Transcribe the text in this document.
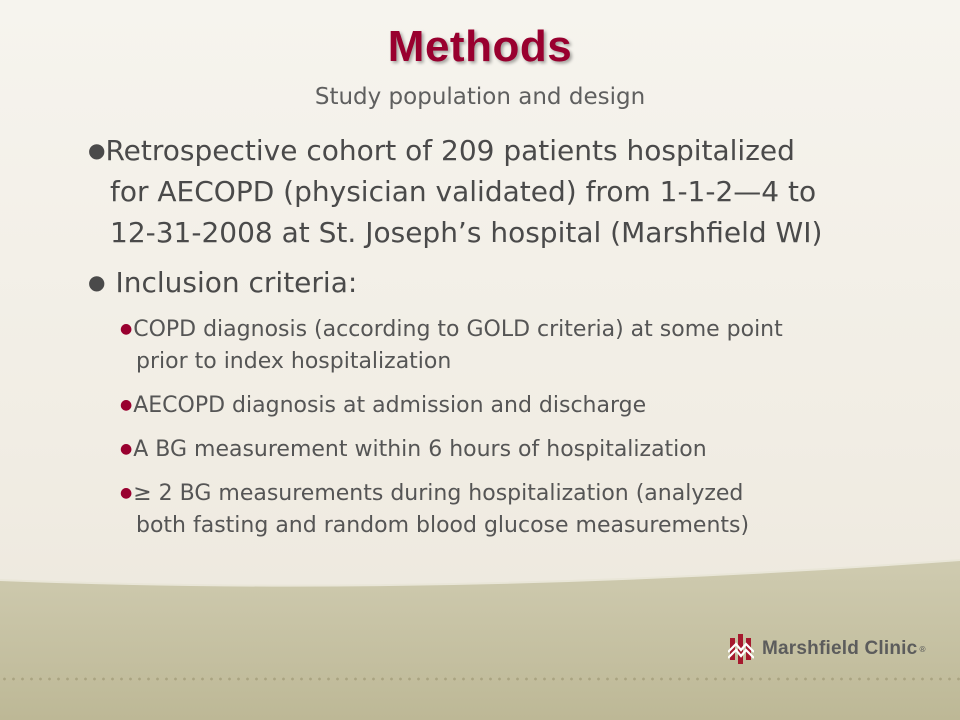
Methods
Study population and design
●Retrospective cohort of 209 patients hospitalized
for AECOPD (physician validated) from 1-1-2—4 to
12-31-2008 at St. Joseph’s hospital (Marshfield WI)
● Inclusion criteria:
●COPD diagnosis (according to GOLD criteria) at some point
prior to index hospitalization
●AECOPD diagnosis at admission and discharge
●A BG measurement within 6 hours of hospitalization
●≥ 2 BG measurements during hospitalization (analyzed
both fasting and random blood glucose measurements)
Marshfield Clinic ®
